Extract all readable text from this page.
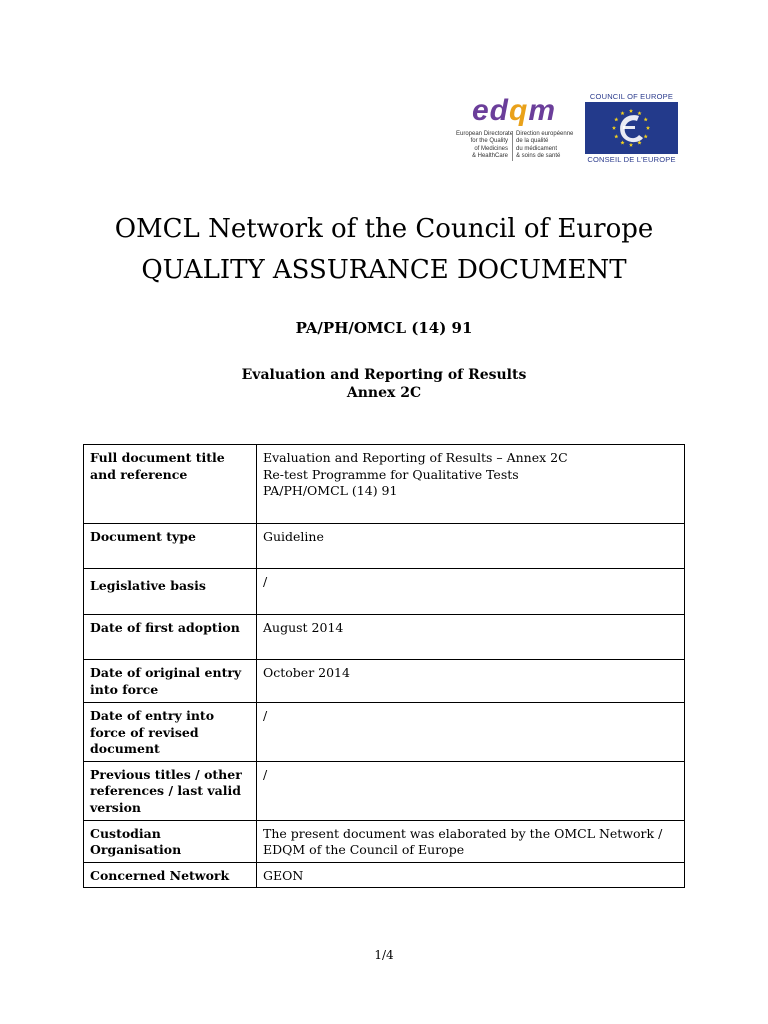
edqm
European Directorate
for the Quality
of Medicines
& HealthCare
Direction européenne
de la qualité
du médicament
& soins de santé
COUNCIL OF EUROPE
CONSEIL DE L'EUROPE
OMCL Network of the Council of Europe
QUALITY ASSURANCE DOCUMENT
PA/PH/OMCL (14) 91
Evaluation and Reporting of Results
Annex 2C
Full document title and reference	Evaluation and Reporting of Results – Annex 2C
Re-test Programme for Qualitative Tests
PA/PH/OMCL (14) 91

Document type	Guideline

Legislative basis	/

Date of first adoption	August 2014

Date of original entry into force	October 2014

Date of entry into force of revised document	/

Previous titles / other references / last valid version	/

Custodian Organisation	The present document was elaborated by the OMCL Network /
EDQM of the Council of Europe

Concerned Network	GEON
1/4
